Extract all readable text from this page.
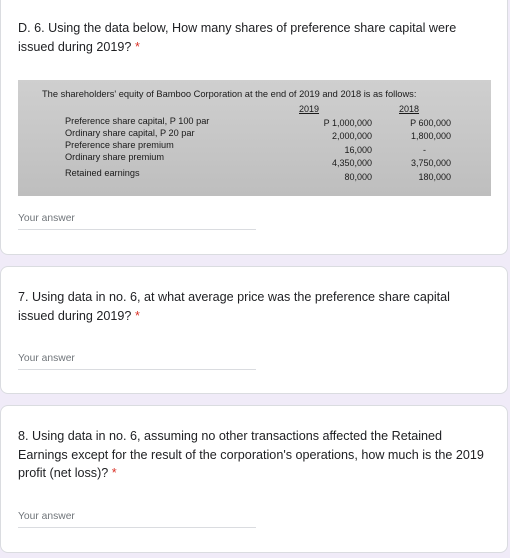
D. 6. Using the data below, How many shares of preference share capital were issued during 2019? *

The shareholders' equity of Bamboo Corporation at the end of 2019 and 2018 is as follows:
2019	2018
Preference share capital, P 100 par
Ordinary share capital, P 20 par
Preference share premium
Ordinary share premium
Retained earnings
P 1,000,000
2,000,000
16,000
4,350,000
80,000
P 600,000
1,800,000
-
3,750,000
180,000
Your answer

7. Using data in no. 6, at what average price was the preference share capital issued during 2019? *

Your answer

8. Using data in no. 6, assuming no other transactions affected the Retained Earnings except for the result of the corporation's operations, how much is the 2019 profit (net loss)? *

Your answer
